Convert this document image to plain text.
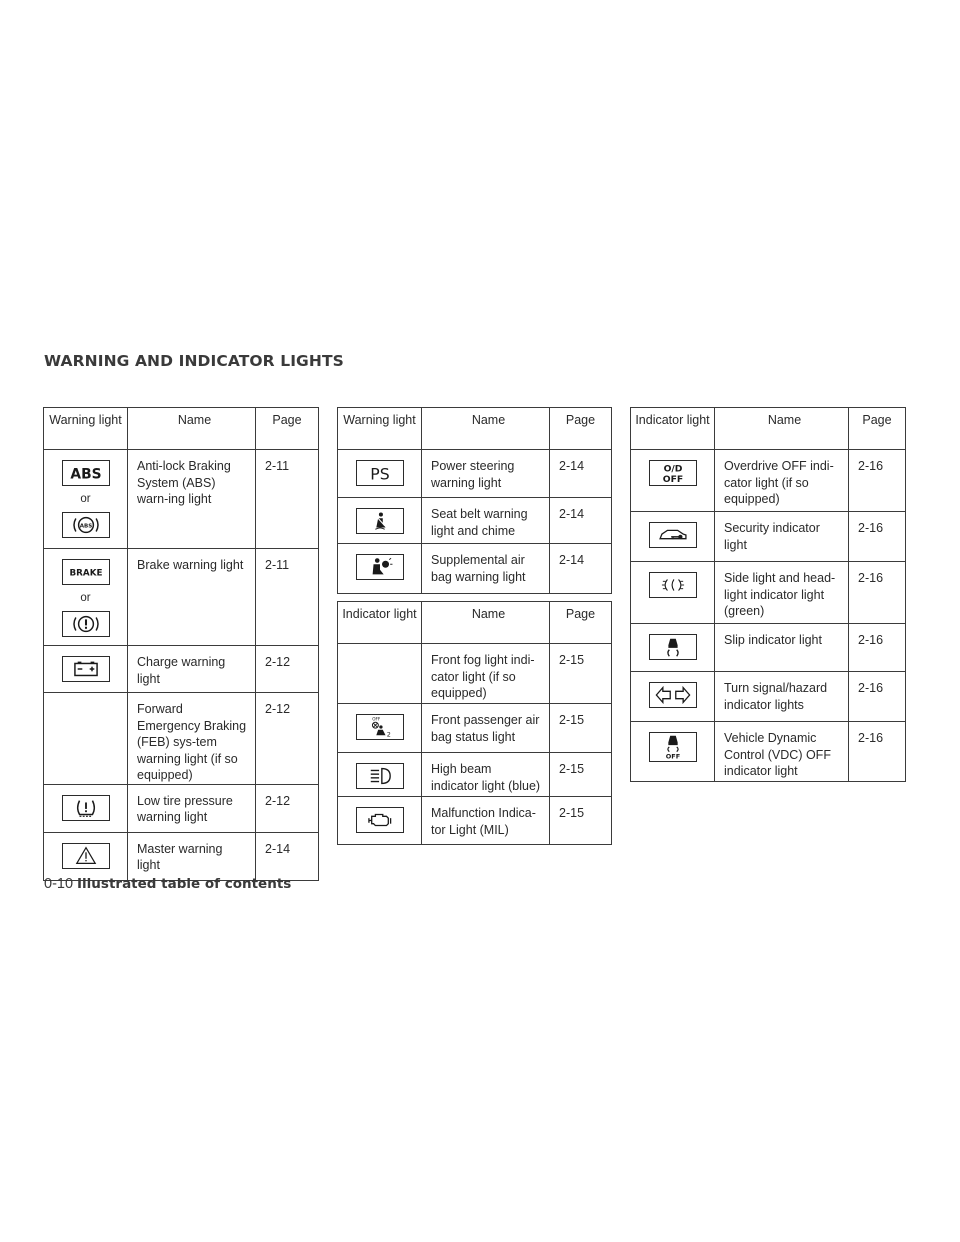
WARNING AND INDICATOR LIGHTS
Warning light	Name	Page

ABS
or
ABS	Anti-lock Braking System (ABS) warn-ing light	2-11

BRAKE
or	Brake warning light	2-11

	Charge warning light	2-12
	Forward Emergency Braking (FEB) sys-tem warning light (if so equipped)	2-12

	Low tire pressure warning light	2-12

	Master warning light	2-14
Warning light	Name	Page

PS	Power steering warning light	2-14

	Seat belt warning light and chime	2-14

	Supplemental air bag warning light	2-14

Indicator light	Name	Page
	Front fog light indi-cator light (if so equipped)	2-15

OFF
2	Front passenger air bag status light	2-15

	High beam indicator light (blue)	2-15

	Malfunction Indica-tor Light (MIL)	2-15
Indicator light	Name	Page

O/D
OFF	Overdrive OFF indi-cator light (if so equipped)	2-16

	Security indicator light	2-16

	Side light and head-light indicator light (green)	2-16

	Slip indicator light	2-16

	Turn signal/hazard indicator lights	2-16

OFF	Vehicle Dynamic Control (VDC) OFF indicator light	2-16
0-10 Illustrated table of contents
